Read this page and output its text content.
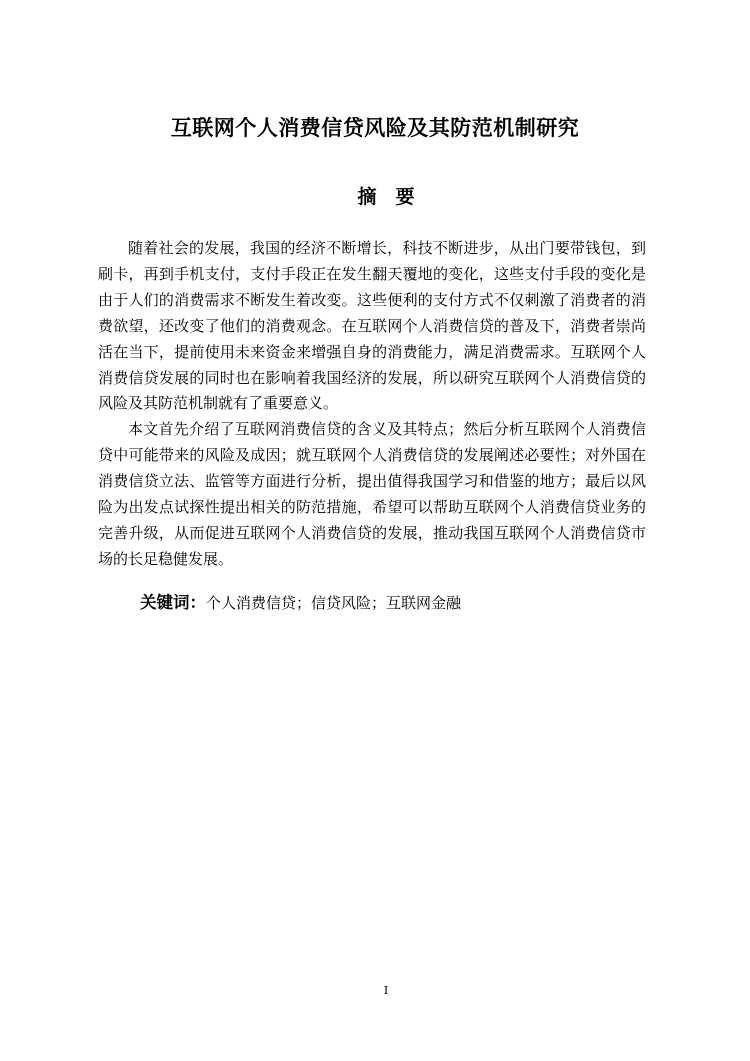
互联网个人消费信贷风险及其防范机制研究
摘　要

随着社会的发展，我国的经济不断增长，科技不断进步，从出门要带钱包，到刷卡，再到手机支付，支付手段正在发生翻天覆地的变化，这些支付手段的变化是由于人们的消费需求不断发生着改变。这些便利的支付方式不仅刺激了消费者的消费欲望，还改变了他们的消费观念。在互联网个人消费信贷的普及下，消费者崇尚活在当下，提前使用未来资金来增强自身的消费能力，满足消费需求。互联网个人消费信贷发展的同时也在影响着我国经济的发展，所以研究互联网个人消费信贷的风险及其防范机制就有了重要意义。

本文首先介绍了互联网消费信贷的含义及其特点；然后分析互联网个人消费信贷中可能带来的风险及成因；就互联网个人消费信贷的发展阐述必要性；对外国在消费信贷立法、监管等方面进行分析，提出值得我国学习和借鉴的地方；最后以风险为出发点试探性提出相关的防范措施，希望可以帮助互联网个人消费信贷业务的完善升级，从而促进互联网个人消费信贷的发展，推动我国互联网个人消费信贷市场的长足稳健发展。

关键词：个人消费信贷；信贷风险；互联网金融
I
